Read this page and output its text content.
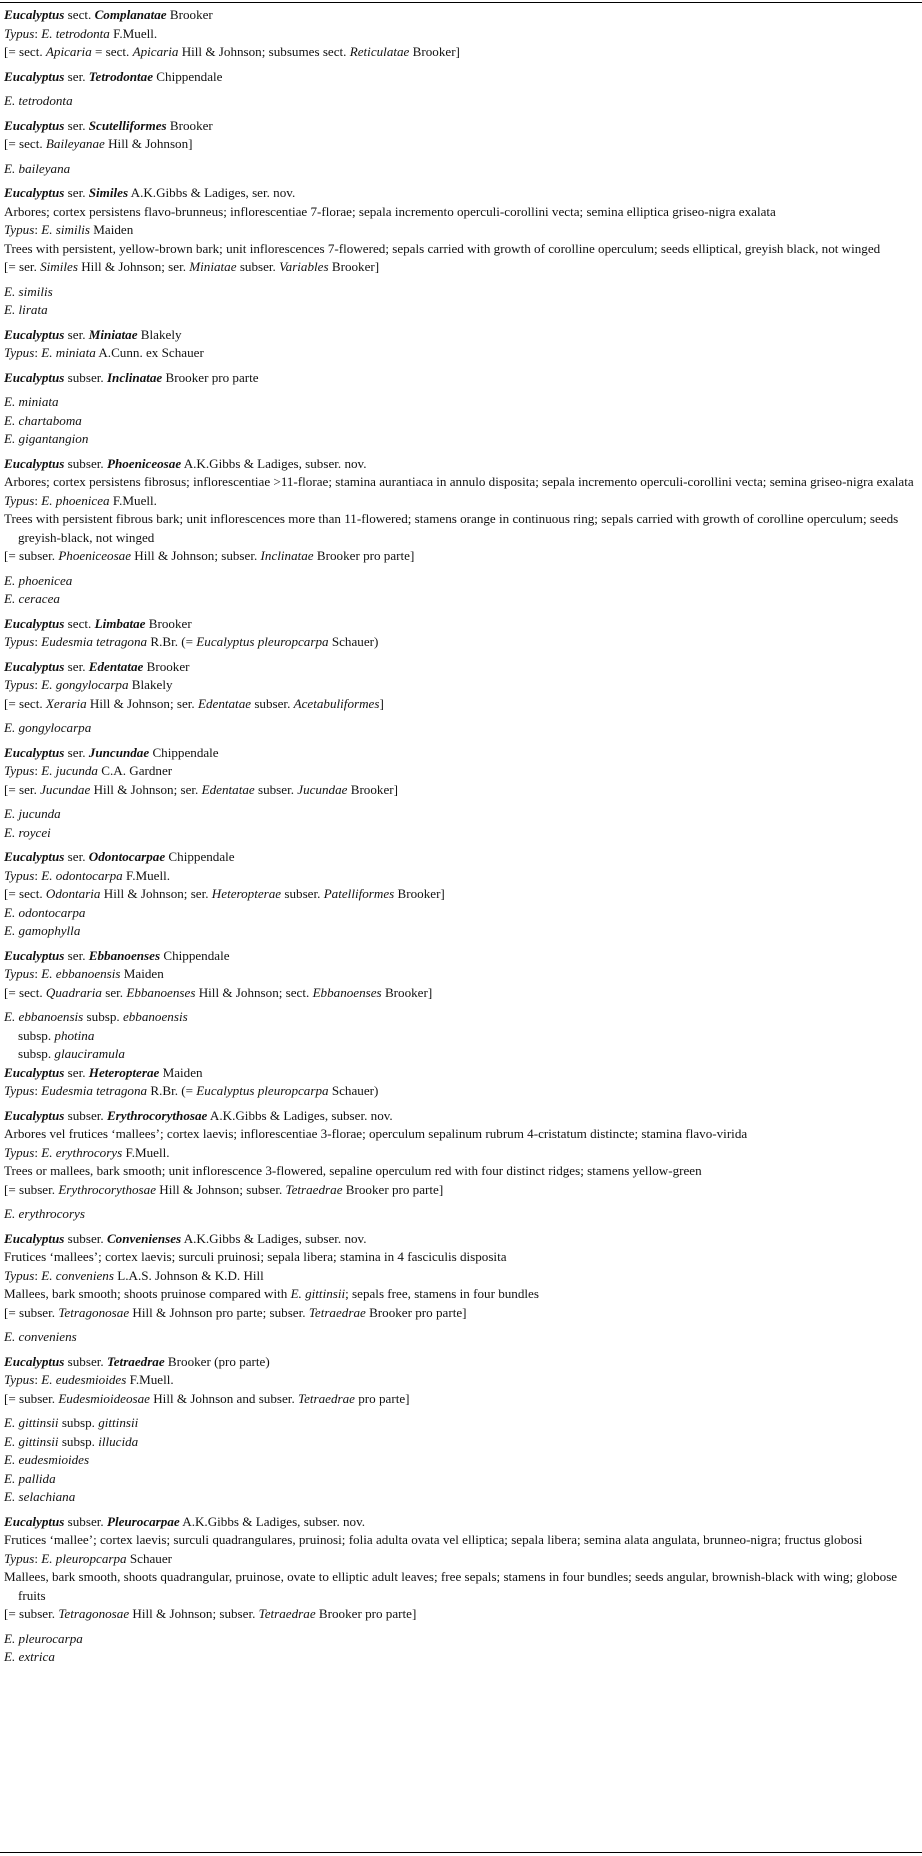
Eucalyptus sect. Complanatae Brooker
Typus: E. tetrodonta F.Muell.
[= sect. Apicaria = sect. Apicaria Hill & Johnson; subsumes sect. Reticulatae Brooker]
Eucalyptus ser. Tetrodontae Chippendale
E. tetrodonta
Eucalyptus ser. Scutelliformes Brooker
[= sect. Baileyanae Hill & Johnson]
E. baileyana
Eucalyptus ser. Similes A.K.Gibbs & Ladiges, ser. nov.
Arbores; cortex persistens flavo-brunneus; inflorescentiae 7-florae; sepala incremento operculi-corollini vecta; semina elliptica griseo-nigra exalata
Typus: E. similis Maiden
Trees with persistent, yellow-brown bark; unit inflorescences 7-flowered; sepals carried with growth of corolline operculum; seeds elliptical, greyish black, not winged
[= ser. Similes Hill & Johnson; ser. Miniatae subser. Variables Brooker]
E. similis
E. lirata
Eucalyptus ser. Miniatae Blakely
Typus: E. miniata A.Cunn. ex Schauer
Eucalyptus subser. Inclinatae Brooker pro parte
E. miniata
E. chartaboma
E. gigantangion
Eucalyptus subser. Phoeniceosae A.K.Gibbs & Ladiges, subser. nov.
Arbores; cortex persistens fibrosus; inflorescentiae >11-florae; stamina aurantiaca in annulo disposita; sepala incremento operculi-corollini vecta; semina griseo-nigra exalata
Typus: E. phoenicea F.Muell.
Trees with persistent fibrous bark; unit inflorescences more than 11-flowered; stamens orange in continuous ring; sepals carried with growth of corolline operculum; seeds greyish-black, not winged
[= subser. Phoeniceosae Hill & Johnson; subser. Inclinatae Brooker pro parte]
E. phoenicea
E. ceracea
Eucalyptus sect. Limbatae Brooker
Typus: Eudesmia tetragona R.Br. (= Eucalyptus pleuropcarpa Schauer)
Eucalyptus ser. Edentatae Brooker
Typus: E. gongylocarpa Blakely
[= sect. Xeraria Hill & Johnson; ser. Edentatae subser. Acetabuliformes]
E. gongylocarpa
Eucalyptus ser. Juncundae Chippendale
Typus: E. jucunda C.A. Gardner
[= ser. Jucundae Hill & Johnson; ser. Edentatae subser. Jucundae Brooker]
E. jucunda
E. roycei
Eucalyptus ser. Odontocarpae Chippendale
Typus: E. odontocarpa F.Muell.
[= sect. Odontaria Hill & Johnson; ser. Heteropterae subser. Patelliformes Brooker]
E. odontocarpa
E. gamophylla
Eucalyptus ser. Ebbanoenses Chippendale
Typus: E. ebbanoensis Maiden
[= sect. Quadraria ser. Ebbanoenses Hill & Johnson; sect. Ebbanoenses Brooker]
E. ebbanoensis subsp. ebbanoensis
subsp. photina
subsp. glauciramula
Eucalyptus ser. Heteropterae Maiden
Typus: Eudesmia tetragona R.Br. (= Eucalyptus pleuropcarpa Schauer)
Eucalyptus subser. Erythrocorythosae A.K.Gibbs & Ladiges, subser. nov.
Arbores vel frutices ‘mallees’; cortex laevis; inflorescentiae 3-florae; operculum sepalinum rubrum 4-cristatum distincte; stamina flavo-virida
Typus: E. erythrocorys F.Muell.
Trees or mallees, bark smooth; unit inflorescence 3-flowered, sepaline operculum red with four distinct ridges; stamens yellow-green
[= subser. Erythrocorythosae Hill & Johnson; subser. Tetraedrae Brooker pro parte]
E. erythrocorys
Eucalyptus subser. Convenienses A.K.Gibbs & Ladiges, subser. nov.
Frutices ‘mallees’; cortex laevis; surculi pruinosi; sepala libera; stamina in 4 fasciculis disposita
Typus: E. conveniens L.A.S. Johnson & K.D. Hill
Mallees, bark smooth; shoots pruinose compared with E. gittinsii; sepals free, stamens in four bundles
[= subser. Tetragonosae Hill & Johnson pro parte; subser. Tetraedrae Brooker pro parte]
E. conveniens
Eucalyptus subser. Tetraedrae Brooker (pro parte)
Typus: E. eudesmioides F.Muell.
[= subser. Eudesmioideosae Hill & Johnson and subser. Tetraedrae pro parte]
E. gittinsii subsp. gittinsii
E. gittinsii subsp. illucida
E. eudesmioides
E. pallida
E. selachiana
Eucalyptus subser. Pleurocarpae A.K.Gibbs & Ladiges, subser. nov.
Frutices ‘mallee’; cortex laevis; surculi quadrangulares, pruinosi; folia adulta ovata vel elliptica; sepala libera; semina alata angulata, brunneo-nigra; fructus globosi
Typus: E. pleuropcarpa Schauer
Mallees, bark smooth, shoots quadrangular, pruinose, ovate to elliptic adult leaves; free sepals; stamens in four bundles; seeds angular, brownish-black with wing; globose fruits
[= subser. Tetragonosae Hill & Johnson; subser. Tetraedrae Brooker pro parte]
E. pleurocarpa
E. extrica
